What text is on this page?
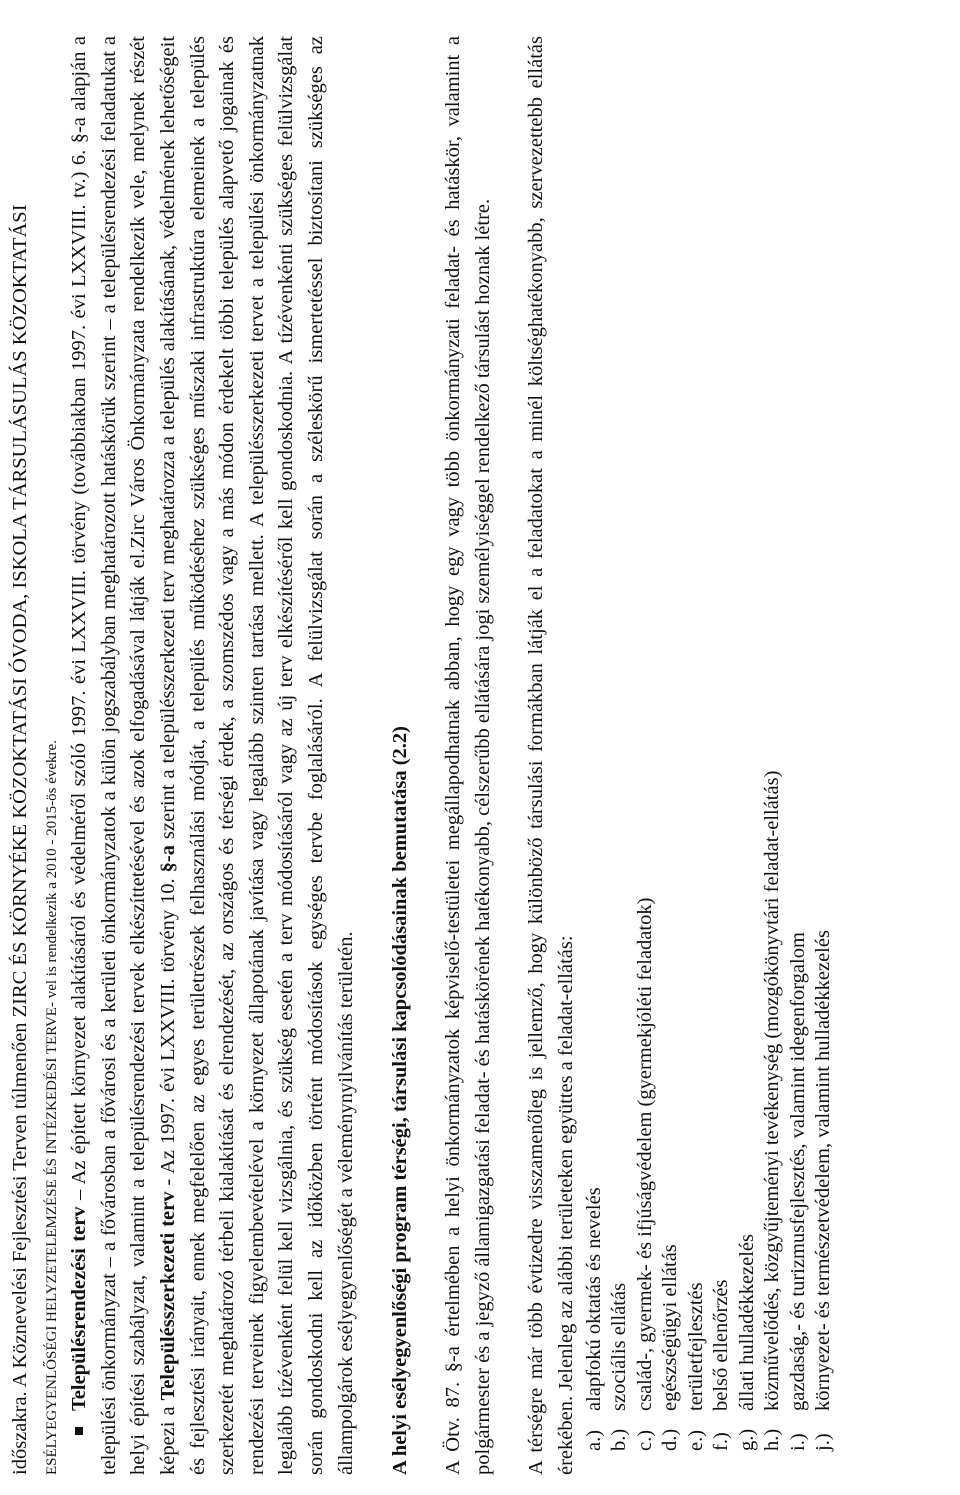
időszakra. A Köznevelési Fejlesztési Terven túlmenően ZIRC ÉS KÖRNYÉKE KÖZOKTATÁSI ÓVODA, ISKOLA TÁRSULÁSULÁS KÖZOKTATÁSI ESÉLYEGYENLŐSÉGI HELYZETELEMZÉSE ÉS INTÉZKEDÉSI TERVE- vel is rendelkezik a 2010 - 2015-ös évekre.

Településrendezési terv – Az épített környezet alakításáról és védelméről szóló 1997. évi LXXVIII. törvény (továbbiakban 1997. évi LXXVIII. tv.) 6. §-a alapján a települési önkormányzat – a fővárosban a fővárosi és a kerületi önkormányzatok a külön jogszabályban meghatározott hatáskörük szerint – a településrendezési feladatukat a helyi építési szabályzat, valamint a településrendezési tervek elkészíttetésével és azok elfogadásával látják el.Zirc Város Önkormányzata rendelkezik vele, melynek részét képezi a Településszerkezeti terv - Az 1997. évi LXXVIII. törvény 10. §-a szerint a településszerkezeti terv meghatározza a település alakításának, védelmének lehetőségeit és fejlesztési irányait, ennek megfelelően az egyes területrészek felhasználási módját, a település működéséhez szükséges műszaki infrastruktúra elemeinek a település szerkezetét meghatározó térbeli kialakítását és elrendezését, az országos és térségi érdek, a szomszédos vagy a más módon érdekelt többi település alapvető jogainak és rendezési terveinek figyelembevételével a környezet állapotának javítása vagy legalább szinten tartása mellett. A településszerkezeti tervet a települési önkormányzatnak legalább tízévenként felül kell vizsgálnia, és szükség esetén a terv módosításáról vagy az új terv elkészítéséről kell gondoskodnia. A tízévenkénti szükséges felülvizsgálat során gondoskodni kell az időközben történt módosítások egységes tervbe foglalásáról. A felülvizsgálat során a széleskörű ismertetéssel biztosítani szükséges az állampolgárok esélyegyenlőségét a véleménynyilvánítás területén. A helyi esélyegyenlőségi program térségi, társulási kapcsolódásainak bemutatása (2.2) A Ötv. 87. §-a értelmében a helyi önkormányzatok képviselő-testületei megállapodhatnak abban, hogy egy vagy több önkormányzati feladat- és hatáskör, valamint a polgármester és a jegyző államigazgatási feladat- és hatáskörének hatékonyabb, célszerűbb ellátására jogi személyiséggel rendelkező társulást hoznak létre. A térségre már több évtizedre visszamenőleg is jellemző, hogy különböző társulási formákban látják el a feladatokat a minél költséghatékonyabb, szervezettebb ellátás érekében. Jelenleg az alábbi területeken együttes a feladat-ellátás: a.)
alapfokú oktatás és nevelés
b.)
szociális ellátás
c.)
család-, gyermek- és ifjúságvédelem (gyermekjóléti feladatok)
d.)
egészségügyi ellátás
e.)
területfejlesztés
f.)
belső ellenőrzés
g.)
állati hulladékkezelés
h.)
közművelődés, közgyűjteményi tevékenység (mozgókönyvtári feladat-ellátás)
i.)
gazdaság,- és turizmusfejlesztés, valamint idegenforgalom
j.)
környezet- és természetvédelem, valamint hulladékkezelés
